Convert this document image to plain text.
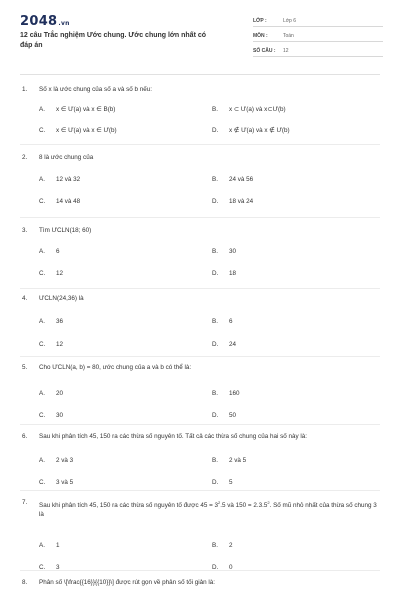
2048.vn
12 câu Trắc nghiệm Ước chung. Ước chung lớn nhất có đáp án
LỚP :	Lớp 6
MÔN :	Toán
SỐ CÂU :	12
1.	Số x là ước chung của số a và số b nếu:
A.	x ∈ Ư(a) và x ∈ B(b)	B.	x ⊂ Ư(a) và x⊂Ư(b)
C.	x ∈ Ư(a) và x ∈ Ư(b)	D.	x ∉ Ư(a) và x ∉ Ư(b)
2.	8 là ước chung của
A.	12 và 32	B.	24 và 56
C.	14 và 48	D.	18 và 24
3.	Tìm ƯCLN(18; 60)
A.	6	B.	30
C.	12	D.	18
4.	ƯCLN(24,36) là
A.	36	B.	6
C.	12	D.	24
5.	Cho ƯCLN(a, b) = 80, ước chung của a và b có thể là:
A.	20	B.	160
C.	30	D.	50
6.	Sau khi phân tích 45, 150 ra các thừa số nguyên tố. Tất cả các thừa số chung của hai số này là:
A.	2 và 3	B.	2 và 5
C.	3 và 5	D.	5
7.	Sau khi phân tích 45, 150 ra các thừa số nguyên tố được $45 = 3^2.5$ và $150 = 2.3.5^2$. Số mũ nhỏ nhất của thừa số chung 3 là
A.	1	B.	2
C.	3	D.	0
8.	Phân số \[\frac{{16}}{{10}}\] được rút gọn về phân số tối giản là:
